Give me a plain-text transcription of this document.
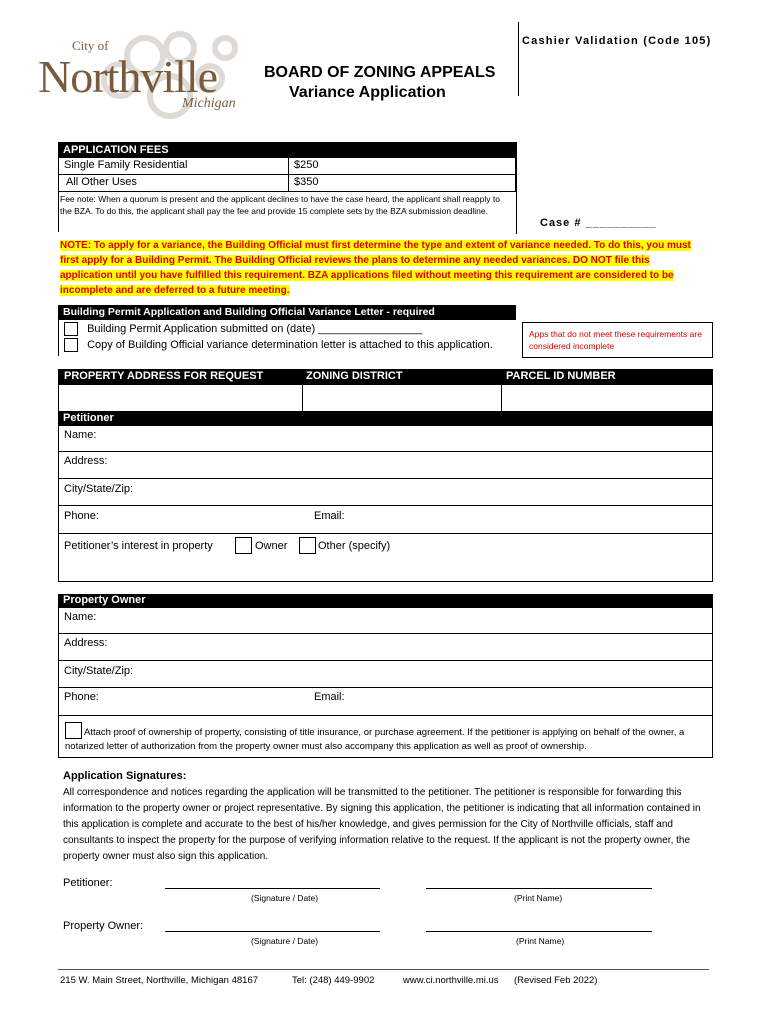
City of
Northville
Michigan
Cashier Validation (Code 105)
BOARD OF ZONING APPEALS
Variance Application
APPLICATION FEES
Single Family Residential	$250
All Other Uses	$350
Fee note: When a quorum is present and the applicant declines to have the case heard, the applicant shall reapply to the BZA. To do this, the applicant shall pay the fee and provide 15 complete sets by the BZA submission deadline.
Case # __________
NOTE: To apply for a variance, the Building Official must first determine the type and extent of variance needed. To do this, you must first apply for a Building Permit. The Building Official reviews the plans to determine any needed variances. DO NOT file this application until you have fulfilled this requirement. BZA applications filed without meeting this requirement are considered to be incomplete and are deferred to a future meeting.
Building Permit Application and Building Official Variance Letter - required
Building Permit Application submitted on (date) _________________
Copy of Building Official variance determination letter is attached to this application.
Apps that do not meet these requirements are considered incomplete
PROPERTY ADDRESS FOR REQUEST	ZONING DISTRICT	PARCEL ID NUMBER
Petitioner
Name:
Address:
City/State/Zip:
Phone:	Email:
Petitioner’s interest in property	Owner	Other (specify)
Property Owner
Name:
Address:
City/State/Zip:
Phone:	Email:
Attach proof of ownership of property, consisting of title insurance, or purchase agreement. If the petitioner is applying on behalf of the owner, a notarized letter of authorization from the property owner must also accompany this application as well as proof of ownership.
Application Signatures:
All correspondence and notices regarding the application will be transmitted to the petitioner. The petitioner is responsible for forwarding this information to the property owner or project representative. By signing this application, the petitioner is indicating that all information contained in this application is complete and accurate to the best of his/her knowledge, and gives permission for the City of Northville officials, staff and consultants to inspect the property for the purpose of verifying information relative to the request. If the applicant is not the property owner, the property owner must also sign this application.
Petitioner:
(Signature / Date)	(Print Name)
Property Owner:
(Signature / Date)	(Print Name)
215 W. Main Street, Northville, Michigan 48167	Tel: (248) 449-9902	www.ci.northville.mi.us (Revised Feb 2022)
